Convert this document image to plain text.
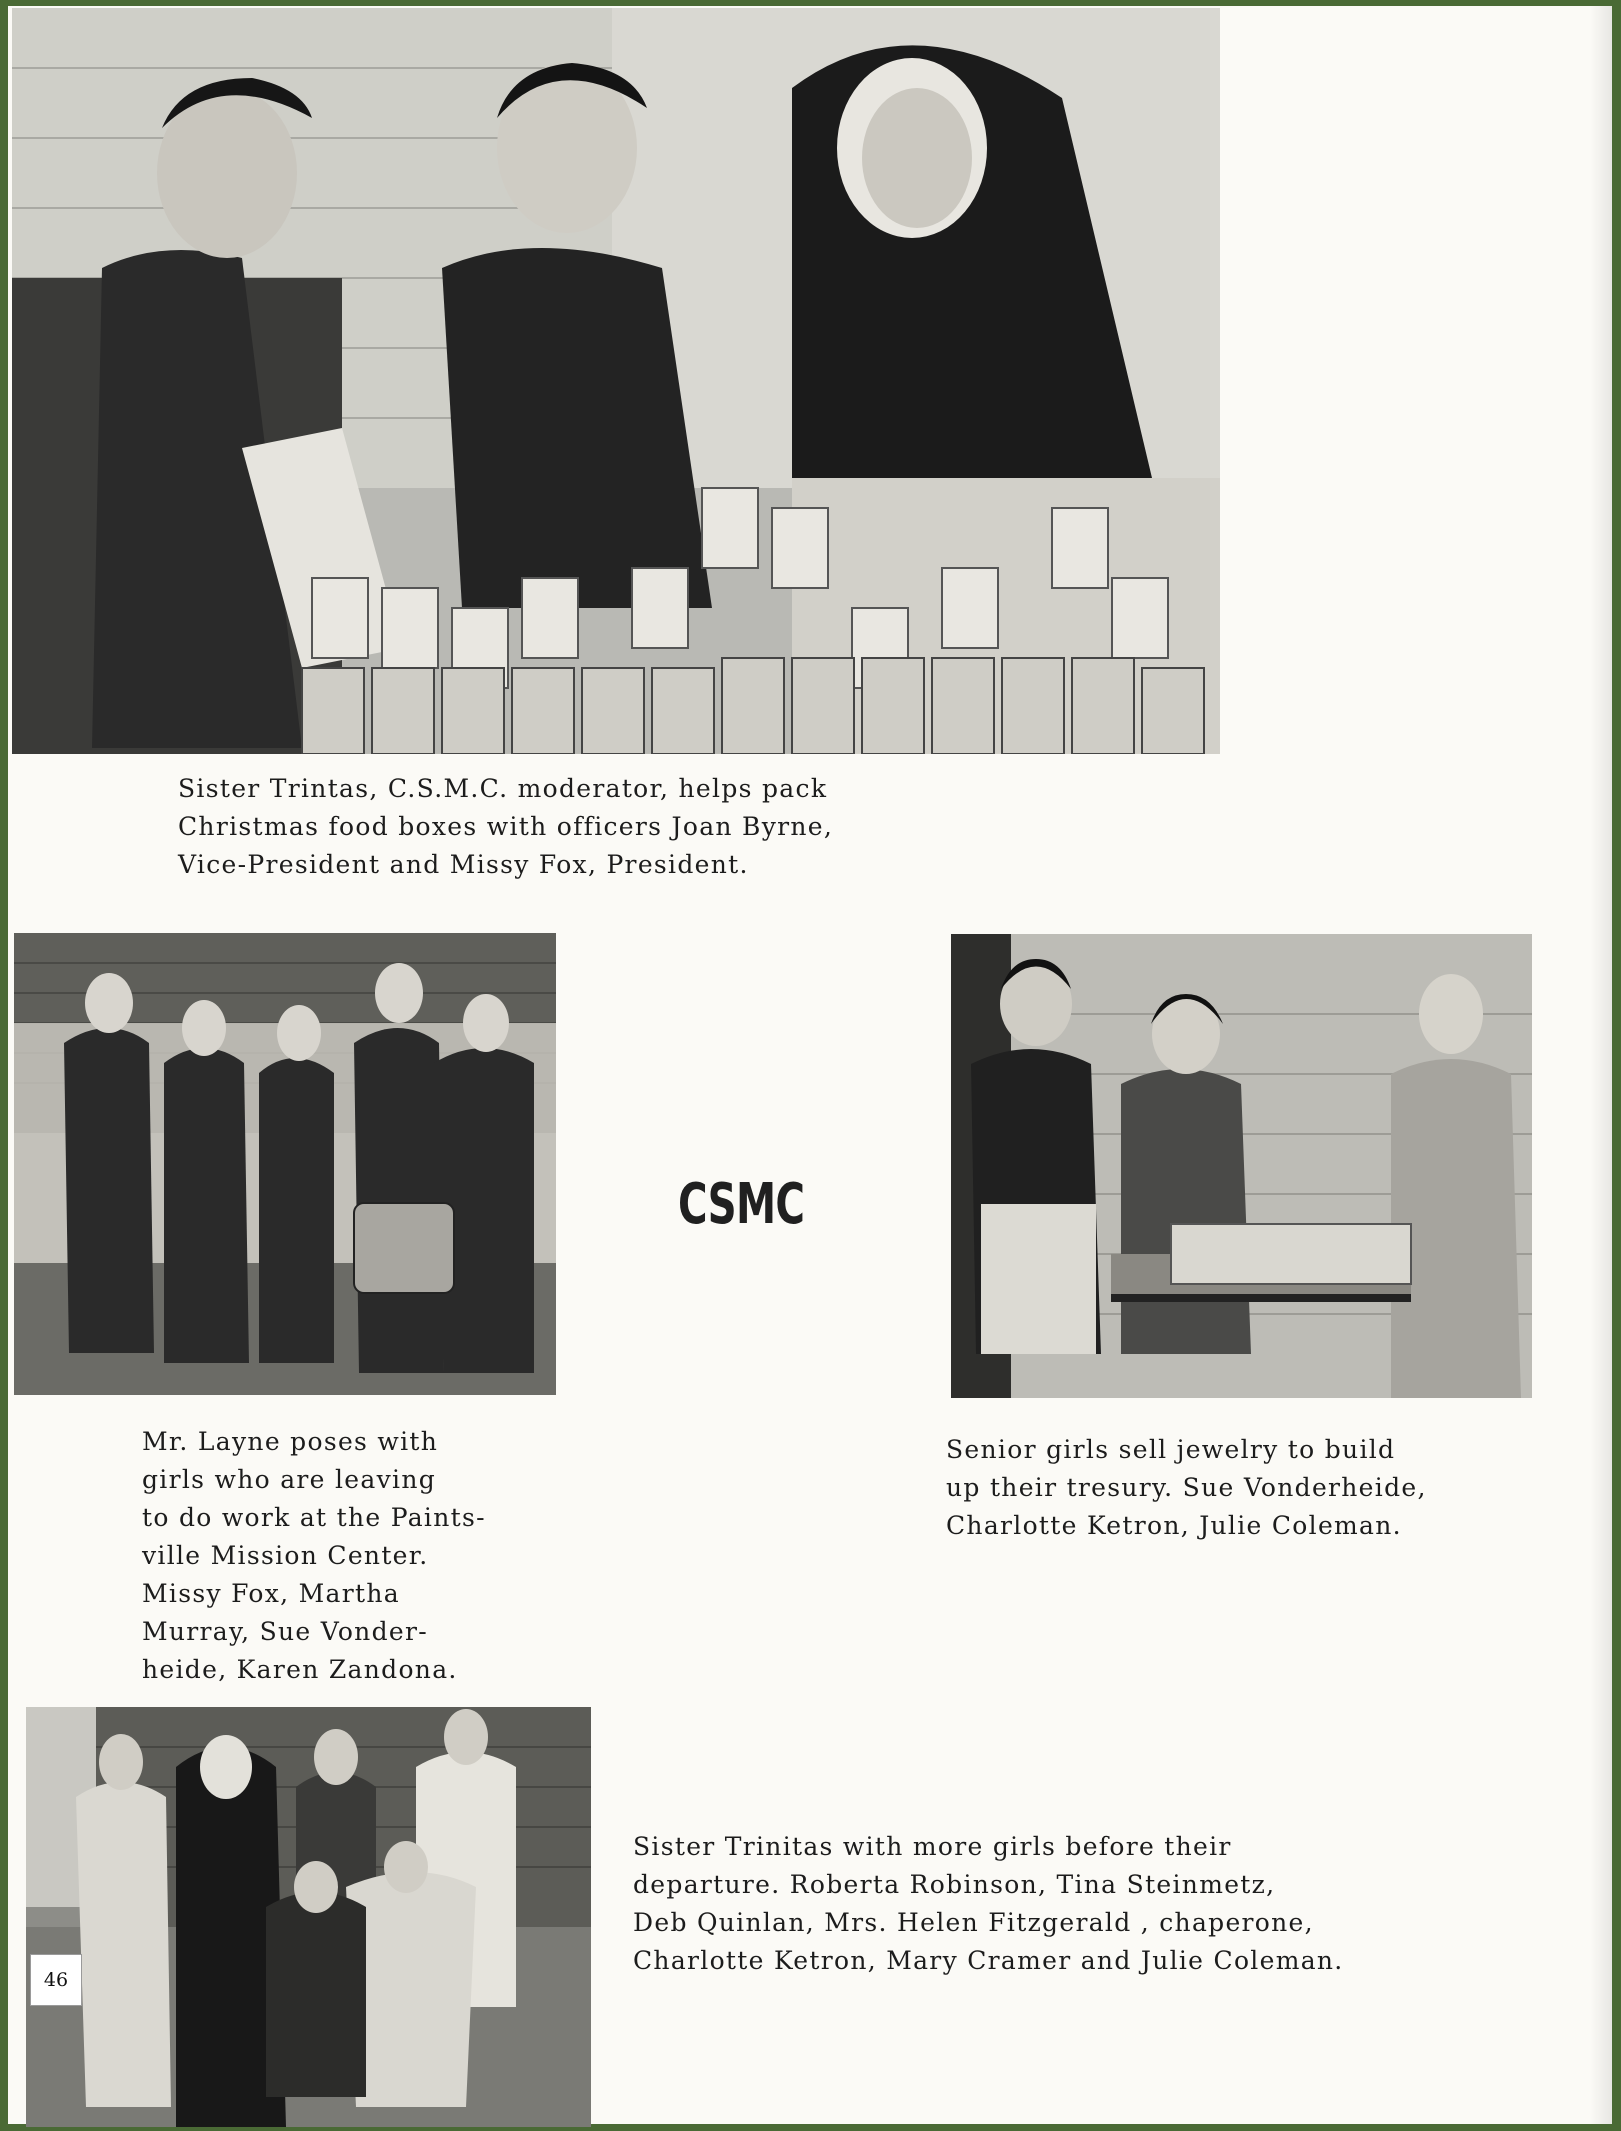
Sister Trintas, C.S.M.C. moderator, helps pack
Christmas food boxes with officers Joan Byrne,
Vice-President and Missy Fox, President.

Mr. Layne poses with
girls who are leaving
to do work at the Paints-
ville Mission Center.
Missy Fox, Martha
Murray, Sue Vonder-
heide, Karen Zandona.

CSMC

Senior girls sell jewelry to build
up their tresury. Sue Vonderheide,
Charlotte Ketron, Julie Coleman.

46

Sister Trinitas with more girls before their
departure. Roberta Robinson, Tina Steinmetz,
Deb Quinlan, Mrs. Helen Fitzgerald , chaperone,
Charlotte Ketron, Mary Cramer and Julie Coleman.
